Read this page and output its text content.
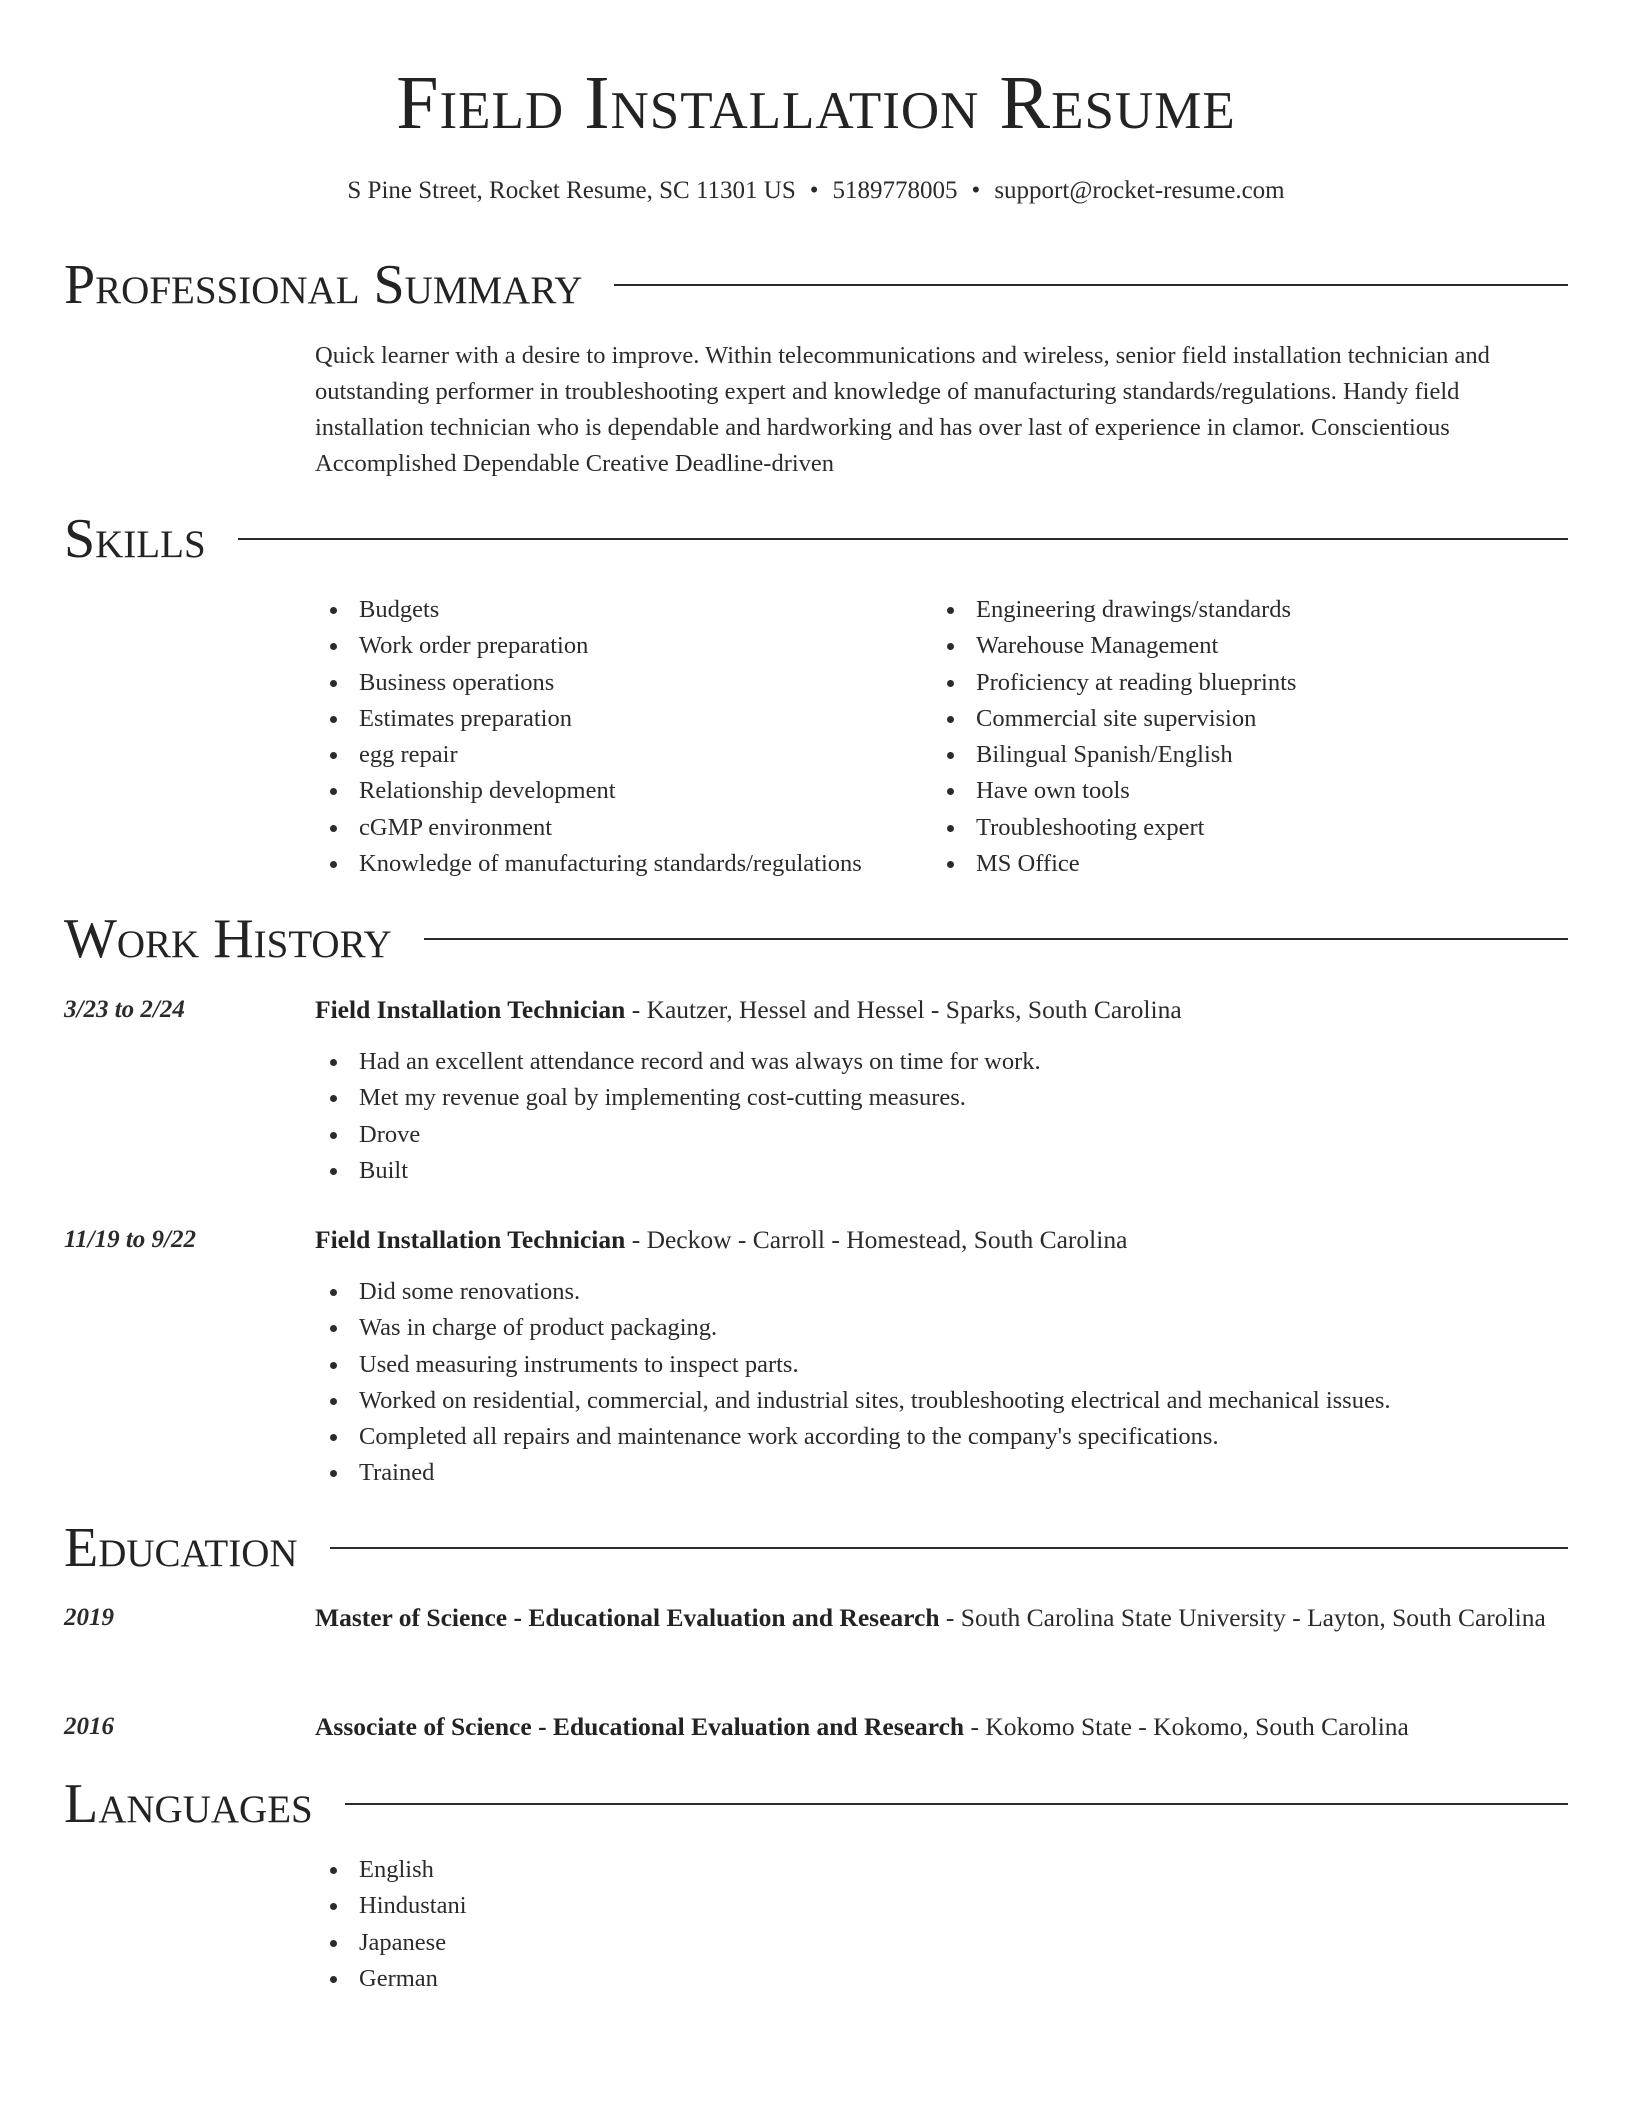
Field Installation Resume
S Pine Street, Rocket Resume, SC 11301 US • 5189778005 • support@rocket-resume.com
Professional Summary

Quick learner with a desire to improve. Within telecommunications and wireless, senior field installation technician and outstanding performer in troubleshooting expert and knowledge of manufacturing standards/regulations. Handy field installation technician who is dependable and hardworking and has over last of experience in clamor. Conscientious Accomplished Dependable Creative Deadline-driven

Skills
Budgets
Work order preparation
Business operations
Estimates preparation
egg repair
Relationship development
cGMP environment
Knowledge of manufacturing standards/regulations
Engineering drawings/standards
Warehouse Management
Proficiency at reading blueprints
Commercial site supervision
Bilingual Spanish/English
Have own tools
Troubleshooting expert
MS Office
Work History
3/23 to 2/24	Field Installation Technician - Kautzer, Hessel and Hessel - Sparks, South Carolina
Had an excellent attendance record and was always on time for work.
Met my revenue goal by implementing cost-cutting measures.
Drove
Built
11/19 to 9/22	Field Installation Technician - Deckow - Carroll - Homestead, South Carolina
Did some renovations.
Was in charge of product packaging.
Used measuring instruments to inspect parts.
Worked on residential, commercial, and industrial sites, troubleshooting electrical and mechanical issues.
Completed all repairs and maintenance work according to the company's specifications.
Trained
Education
2019	Master of Science - Educational Evaluation and Research - South Carolina State University - Layton, South Carolina
2016	Associate of Science - Educational Evaluation and Research - Kokomo State - Kokomo, South Carolina
Languages
English
Hindustani
Japanese
German
